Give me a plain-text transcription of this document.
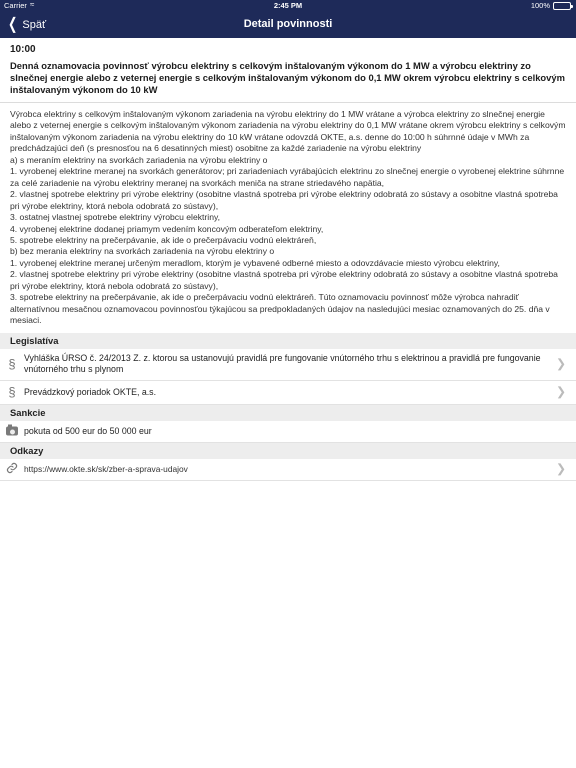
Carrier ≈	2:45 PM	100%
❮ Späť	Detail povinnosti
10:00
Denná oznamovacia povinnosť výrobcu elektriny s celkovým inštalovaným výkonom do 1 MW a výrobcu elektriny zo slnečnej energie alebo z veternej energie s celkovým inštalovaným výkonom do 0,1 MW okrem výrobcu elektriny s celkovým inštalovaným výkonom do 10 kW
Výrobca elektriny s celkovým inštalovaným výkonom zariadenia na výrobu elektriny do 1 MW vrátane a výrobca elektriny zo slnečnej energie alebo z veternej energie s celkovým inštalovaným výkonom zariadenia na výrobu elektriny do 0,1 MW vrátane okrem výrobcu elektriny s celkovým inštalovaným výkonom zariadenia na výrobu elektriny do 10 kW vrátane odovzdá OKTE, a.s. denne do 10:00 h súhrnné údaje v MWh za predchádzajúci deň (s presnosťou na 6 desatinných miest) osobitne za každé zariadenie na výrobu elektriny
a) s meraním elektriny na svorkách zariadenia na výrobu elektriny o
1. vyrobenej elektrine meranej na svorkách generátorov; pri zariadeniach vyrábajúcich elektrinu zo slnečnej energie o vyrobenej elektrine súhrnne za celé zariadenie na výrobu elektriny meranej na svorkách meniča na strane striedavého napätia,
2. vlastnej spotrebe elektriny pri výrobe elektriny (osobitne vlastná spotreba pri výrobe elektriny odobratá zo sústavy a osobitne vlastná spotreba pri výrobe elektriny, ktorá nebola odobratá zo sústavy),
3. ostatnej vlastnej spotrebe elektriny výrobcu elektriny,
4. vyrobenej elektrine dodanej priamym vedením koncovým odberateľom elektriny,
5. spotrebe elektriny na prečerpávanie, ak ide o prečerpávaciu vodnú elektráreň,
b) bez merania elektriny na svorkách zariadenia na výrobu elektriny o
1. vyrobenej elektrine meranej určeným meradlom, ktorým je vybavené odberné miesto a odovzdávacie miesto výrobcu elektriny,
2. vlastnej spotrebe elektriny pri výrobe elektriny (osobitne vlastná spotreba pri výrobe elektriny odobratá zo sústavy a osobitne vlastná spotreba pri výrobe elektriny, ktorá nebola odobratá zo sústavy),
3. spotrebe elektriny na prečerpávanie, ak ide o prečerpávaciu vodnú elektráreň. Túto oznamovaciu povinnosť môže výrobca nahradiť alternatívnou mesačnou oznamovacou povinnosťou týkajúcou sa predpokladaných údajov na nasledujúci mesiac oznamovaných do 25. dňa v mesiaci.
Legislatíva
§ Vyhláška ÚRSO č. 24/2013 Z. z. ktorou sa ustanovujú pravidlá pre fungovanie vnútorného trhu s elektrinou a pravidlá pre fungovanie vnútorného trhu s plynom	❯
§ Prevádzkový poriadok OKTE, a.s.	❯
Sankcie
pokuta od 500 eur do 50 000 eur
Odkazy
https://www.okte.sk/sk/zber-a-sprava-udajov	❯
